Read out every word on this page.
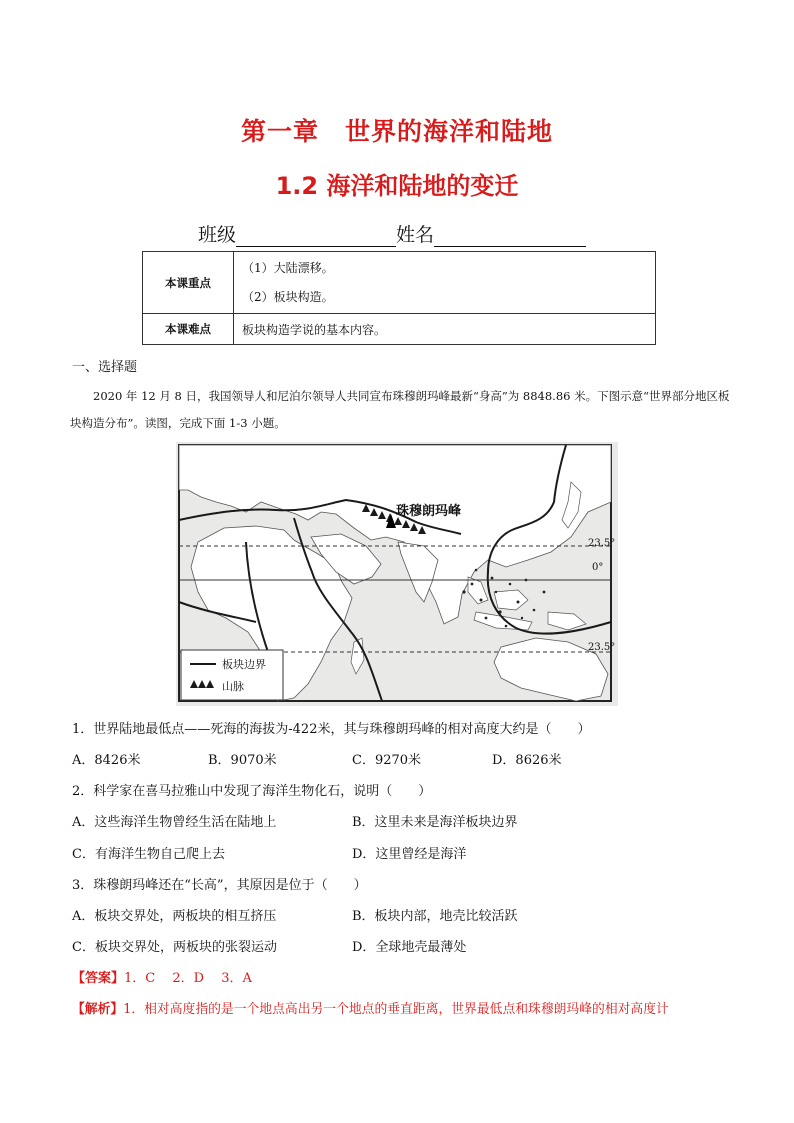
第一章　世界的海洋和陆地
1.2 海洋和陆地的变迁
班级	姓名
本课重点	（1）大陆漂移。
（2）板块构造。

本课难点	板块构造学说的基本内容。
一、选择题
2020 年 12 月 8 日，我国领导人和尼泊尔领导人共同宣布珠穆朗玛峰最新“身高”为 8848.86 米。下图示意“世界部分地区板块构造分布”。读图，完成下面 1-3 小题。
珠穆朗玛峰
23.5°
0°
23.5°
板块边界
山脉
1．世界陆地最低点——死海的海拔为-422米，其与珠穆朗玛峰的相对高度大约是（　　）
A．8426米	B．9070米	C．9270米	D．8626米
2．科学家在喜马拉雅山中发现了海洋生物化石，说明（　　）
A．这些海洋生物曾经生活在陆地上	B．这里未来是海洋板块边界
C．有海洋生物自己爬上去	D．这里曾经是海洋
3．珠穆朗玛峰还在“长高”，其原因是位于（　　）
A．板块交界处，两板块的相互挤压	B．板块内部，地壳比较活跃
C．板块交界处，两板块的张裂运动	D．全球地壳最薄处
【答案】1．C　 2．D　 3．A
【解析】1．相对高度指的是一个地点高出另一个地点的垂直距离，世界最低点和珠穆朗玛峰的相对高度计
